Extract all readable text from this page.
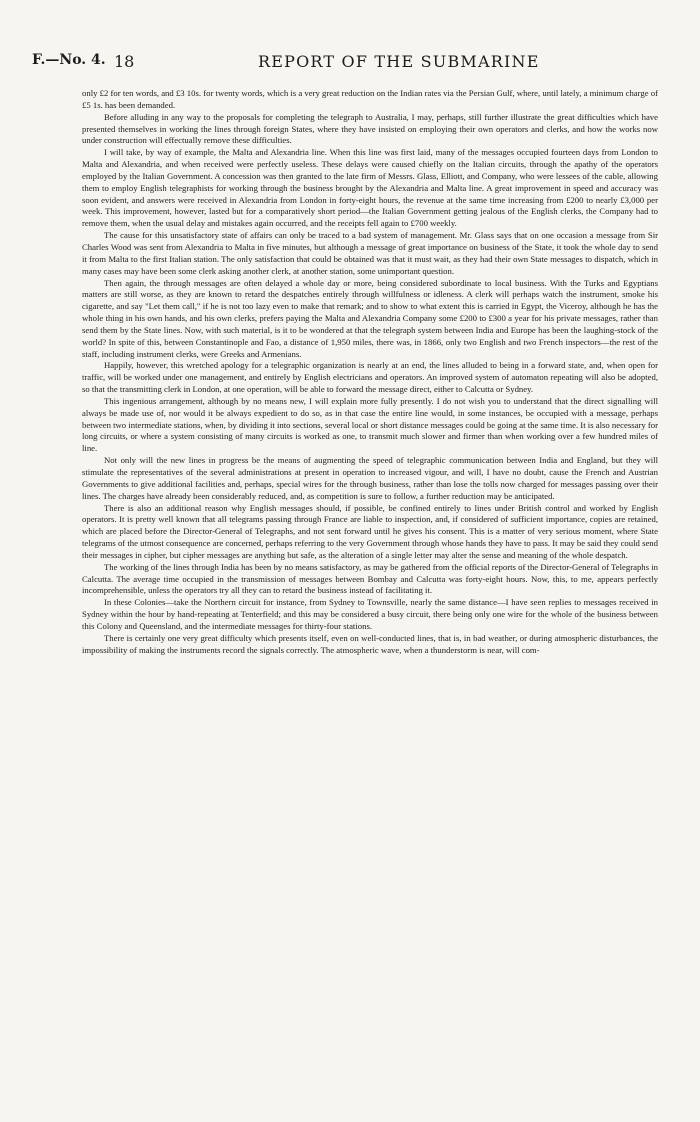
F.—No. 4. 18	REPORT OF THE SUBMARINE

only £2 for ten words, and £3 10s. for twenty words, which is a very great reduction on the Indian rates via the Persian Gulf, where, until lately, a minimum charge of £5 1s. has been demanded.

Before alluding in any way to the proposals for completing the telegraph to Australia, I may, perhaps, still further illustrate the great difficulties which have presented themselves in working the lines through foreign States, where they have insisted on employing their own operators and clerks, and how the works now under construction will effectually remove these difficulties.

I will take, by way of example, the Malta and Alexandria line. When this line was first laid, many of the messages occupied fourteen days from London to Malta and Alexandria, and when received were perfectly useless. These delays were caused chiefly on the Italian circuits, through the apathy of the operators employed by the Italian Government. A concession was then granted to the late firm of Messrs. Glass, Elliott, and Company, who were lessees of the cable, allowing them to employ English telegraphists for working through the business brought by the Alexandria and Malta line. A great improvement in speed and accuracy was soon evident, and answers were received in Alexandria from London in forty-eight hours, the revenue at the same time increasing from £200 to nearly £3,000 per week. This improvement, however, lasted but for a comparatively short period—the Italian Government getting jealous of the English clerks, the Company had to remove them, when the usual delay and mistakes again occurred, and the receipts fell again to £700 weekly.

The cause for this unsatisfactory state of affairs can only be traced to a bad system of management. Mr. Glass says that on one occasion a message from Sir Charles Wood was sent from Alexandria to Malta in five minutes, but although a message of great importance on business of the State, it took the whole day to send it from Malta to the first Italian station. The only satisfaction that could be obtained was that it must wait, as they had their own State messages to dispatch, which in many cases may have been some clerk asking another clerk, at another station, some unimportant question.

Then again, the through messages are often delayed a whole day or more, being considered subordinate to local business. With the Turks and Egyptians matters are still worse, as they are known to retard the despatches entirely through willfulness or idleness. A clerk will perhaps watch the instrument, smoke his cigarette, and say "Let them call," if he is not too lazy even to make that remark; and to show to what extent this is carried in Egypt, the Viceroy, although he has the whole thing in his own hands, and his own clerks, prefers paying the Malta and Alexandria Company some £200 to £300 a year for his private messages, rather than send them by the State lines. Now, with such material, is it to be wondered at that the telegraph system between India and Europe has been the laughing-stock of the world? In spite of this, between Constantinople and Fao, a distance of 1,950 miles, there was, in 1866, only two English and two French inspectors—the rest of the staff, including instrument clerks, were Greeks and Armenians.

Happily, however, this wretched apology for a telegraphic organization is nearly at an end, the lines alluded to being in a forward state, and, when open for traffic, will be worked under one management, and entirely by English electricians and operators. An improved system of automaton repeating will also be adopted, so that the transmitting clerk in London, at one operation, will be able to forward the message direct, either to Calcutta or Sydney.

This ingenious arrangement, although by no means new, I will explain more fully presently. I do not wish you to understand that the direct signalling will always be made use of, nor would it be always expedient to do so, as in that case the entire line would, in some instances, be occupied with a message, perhaps between two intermediate stations, when, by dividing it into sections, several local or short distance messages could be going at the same time. It is also necessary for long circuits, or where a system consisting of many circuits is worked as one, to transmit much slower and firmer than when working over a few hundred miles of line.

Not only will the new lines in progress be the means of augmenting the speed of telegraphic communication between India and England, but they will stimulate the representatives of the several administrations at present in operation to increased vigour, and will, I have no doubt, cause the French and Austrian Governments to give additional facilities and, perhaps, special wires for the through business, rather than lose the tolls now charged for messages passing over their lines. The charges have already been considerably reduced, and, as competition is sure to follow, a further reduction may be anticipated.

There is also an additional reason why English messages should, if possible, be confined entirely to lines under British control and worked by English operators. It is pretty well known that all telegrams passing through France are liable to inspection, and, if considered of sufficient importance, copies are retained, which are placed before the Director-General of Telegraphs, and not sent forward until he gives his consent. This is a matter of very serious moment, where State telegrams of the utmost consequence are concerned, perhaps referring to the very Government through whose hands they have to pass. It may be said they could send their messages in cipher, but cipher messages are anything but safe, as the alteration of a single letter may alter the sense and meaning of the whole despatch.

The working of the lines through India has been by no means satisfactory, as may be gathered from the official reports of the Director-General of Telegraphs in Calcutta. The average time occupied in the transmission of messages between Bombay and Calcutta was forty-eight hours. Now, this, to me, appears perfectly incomprehensible, unless the operators try all they can to retard the business instead of facilitating it.

In these Colonies—take the Northern circuit for instance, from Sydney to Townsville, nearly the same distance—I have seen replies to messages received in Sydney within the hour by hand-repeating at Tenterfield; and this may be considered a busy circuit, there being only one wire for the whole of the business between this Colony and Queensland, and the intermediate messages for thirty-four stations.

There is certainly one very great difficulty which presents itself, even on well-conducted lines, that is, in bad weather, or during atmospheric disturbances, the impossibility of making the instruments record the signals correctly. The atmospheric wave, when a thunderstorm is near, will com-
